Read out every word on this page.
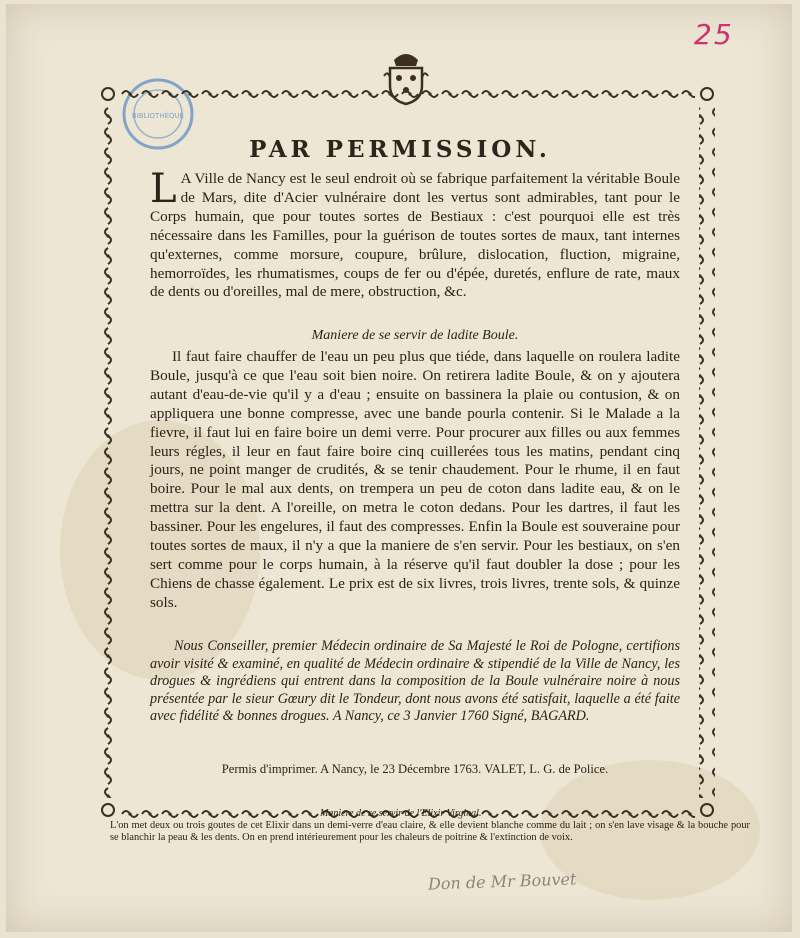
25
BIBLIOTHÈQUE
PAR PERMISSION.
L A Ville de Nancy est le seul endroit où se fabrique parfaitement la véritable Boule de Mars, dite d'Acier vulnéraire dont les vertus sont admirables, tant pour le Corps humain, que pour toutes sortes de Bestiaux : c'est pourquoi elle est très nécessaire dans les Familles, pour la guérison de toutes sortes de maux, tant internes qu'externes, comme morsure, coupure, brûlure, dislocation, fluction, migraine, hemorroïdes, les rhumatismes, coups de fer ou d'épée, duretés, enflure de rate, maux de dents ou d'oreilles, mal de mere, obstruction, &c.
Maniere de se servir de ladite Boule.
Il faut faire chauffer de l'eau un peu plus que tiéde, dans laquelle on roulera ladite Boule, jusqu'à ce que l'eau soit bien noire. On retirera ladite Boule, & on y ajoutera autant d'eau-de-vie qu'il y a d'eau ; ensuite on bassinera la plaie ou contusion, & on appliquera une bonne compresse, avec une bande pourla contenir. Si le Malade a la fievre, il faut lui en faire boire un demi verre. Pour procurer aux filles ou aux femmes leurs régles, il leur en faut faire boire cinq cuillerées tous les matins, pendant cinq jours, ne point manger de crudités, & se tenir chaudement. Pour le rhume, il en faut boire. Pour le mal aux dents, on trempera un peu de coton dans ladite eau, & on le mettra sur la dent. A l'oreille, on metra le coton dedans. Pour les dartres, il faut les bassiner. Pour les engelures, il faut des compresses. Enfin la Boule est souveraine pour toutes sortes de maux, il n'y a que la maniere de s'en servir. Pour les bestiaux, on s'en sert comme pour le corps humain, à la réserve qu'il faut doubler la dose ; pour les Chiens de chasse également. Le prix est de six livres, trois livres, trente sols, & quinze sols.
Nous Conseiller, premier Médecin ordinaire de Sa Majesté le Roi de Pologne, certifions avoir visité & examiné, en qualité de Médecin ordinaire & stipendié de la Ville de Nancy, les drogues & ingrédiens qui entrent dans la composition de la Boule vulnéraire noire à nous présentée par le sieur Gœury dit le Tondeur, dont nous avons été satisfait, laquelle a été faite avec fidélité & bonnes drogues. A Nancy, ce 3 Janvier 1760 Signé, BAGARD.
Permis d'imprimer. A Nancy, le 23 Décembre 1763. VALET, L. G. de Police.
Maniere de se servir de l'Elixir Virginal.
L'on met deux ou trois goutes de cet Elixir dans un demi-verre d'eau claire, & elle devient blanche comme du lait ; on s'en lave visage & la bouche pour se blanchir la peau & les dents. On en prend intérieurement pour les chaleurs de poitrine & l'extinction de voix.
Don de Mr Bouvet
